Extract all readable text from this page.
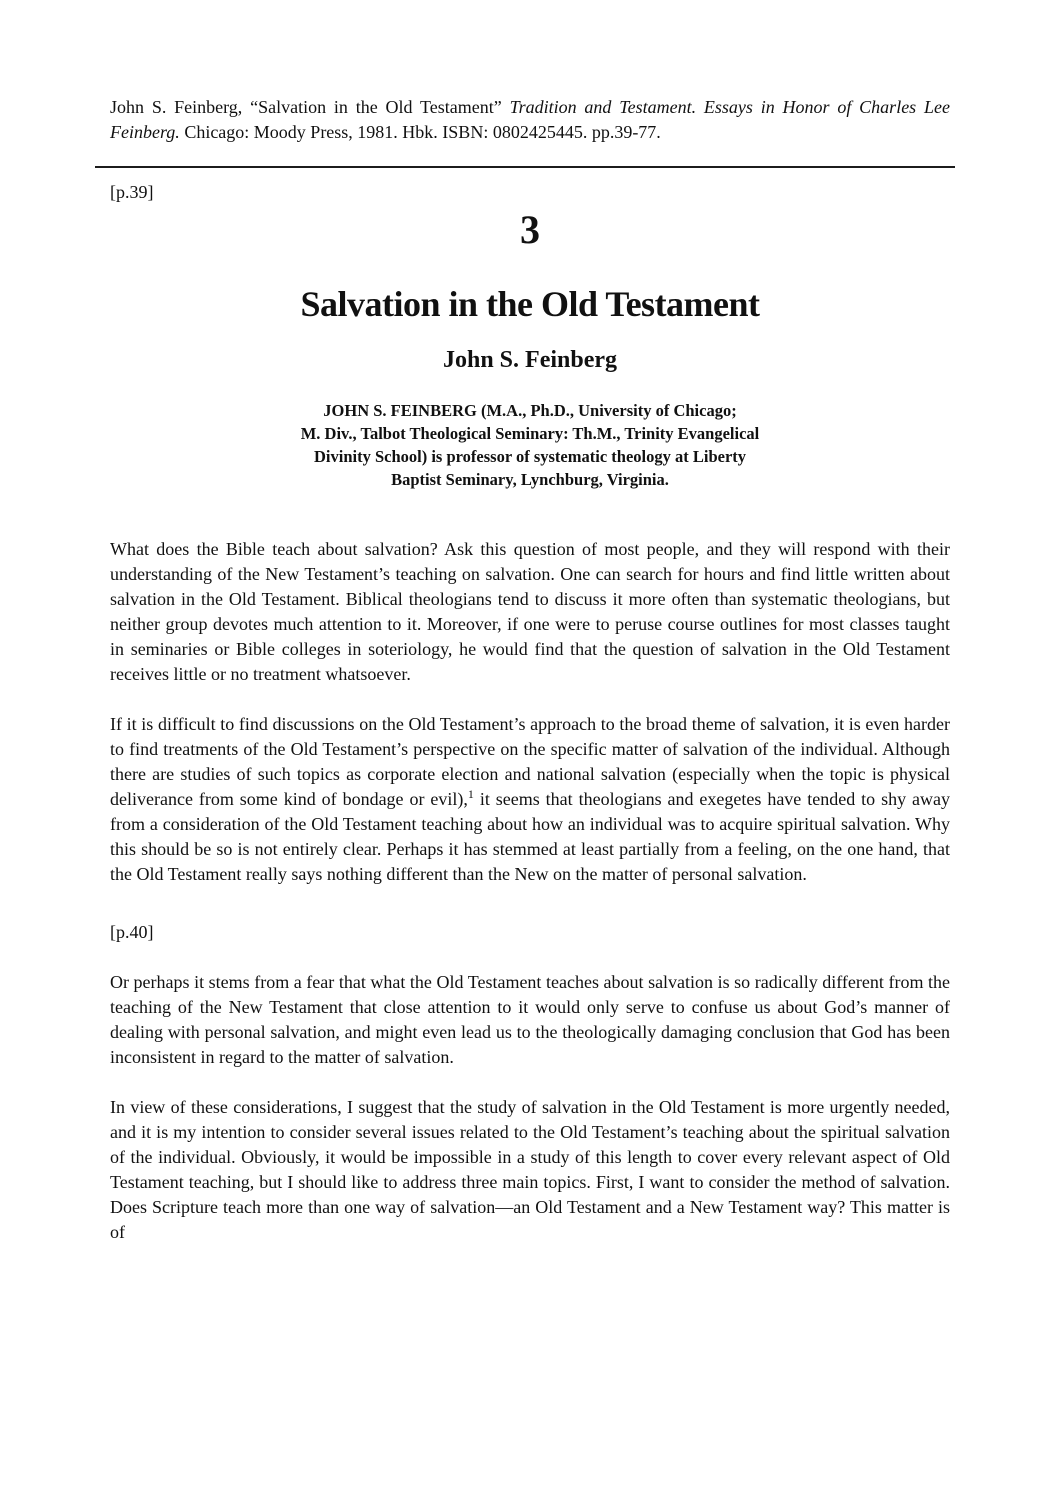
John S. Feinberg, “Salvation in the Old Testament” Tradition and Testament. Essays in Honor of Charles Lee Feinberg. Chicago: Moody Press, 1981. Hbk. ISBN: 0802425445. pp.39-77.
[p.39]
3
Salvation in the Old Testament
John S. Feinberg
JOHN S. FEINBERG (M.A., Ph.D., University of Chicago;
M. Div., Talbot Theological Seminary: Th.M., Trinity Evangelical
Divinity School) is professor of systematic theology at Liberty
Baptist Seminary, Lynchburg, Virginia.

What does the Bible teach about salvation? Ask this question of most people, and they will respond with their understanding of the New Testament’s teaching on salvation. One can search for hours and find little written about salvation in the Old Testament. Biblical theologians tend to discuss it more often than systematic theologians, but neither group devotes much attention to it. Moreover, if one were to peruse course outlines for most classes taught in seminaries or Bible colleges in soteriology, he would find that the question of salvation in the Old Testament receives little or no treatment whatsoever.

If it is difficult to find discussions on the Old Testament’s approach to the broad theme of salvation, it is even harder to find treatments of the Old Testament’s perspective on the specific matter of salvation of the individual. Although there are studies of such topics as corporate election and national salvation (especially when the topic is physical deliverance from some kind of bondage or evil),$^1$ it seems that theologians and exegetes have tended to shy away from a consideration of the Old Testament teaching about how an individual was to acquire spiritual salvation. Why this should be so is not entirely clear. Perhaps it has stemmed at least partially from a feeling, on the one hand, that the Old Testament really says nothing different than the New on the matter of personal salvation.

[p.40]

Or perhaps it stems from a fear that what the Old Testament teaches about salvation is so radically different from the teaching of the New Testament that close attention to it would only serve to confuse us about God’s manner of dealing with personal salvation, and might even lead us to the theologically damaging conclusion that God has been inconsistent in regard to the matter of salvation.

In view of these considerations, I suggest that the study of salvation in the Old Testament is more urgently needed, and it is my intention to consider several issues related to the Old Testament’s teaching about the spiritual salvation of the individual. Obviously, it would be impossible in a study of this length to cover every relevant aspect of Old Testament teaching, but I should like to address three main topics. First, I want to consider the method of salvation. Does Scripture teach more than one way of salvation—an Old Testament and a New Testament way? This matter is of
